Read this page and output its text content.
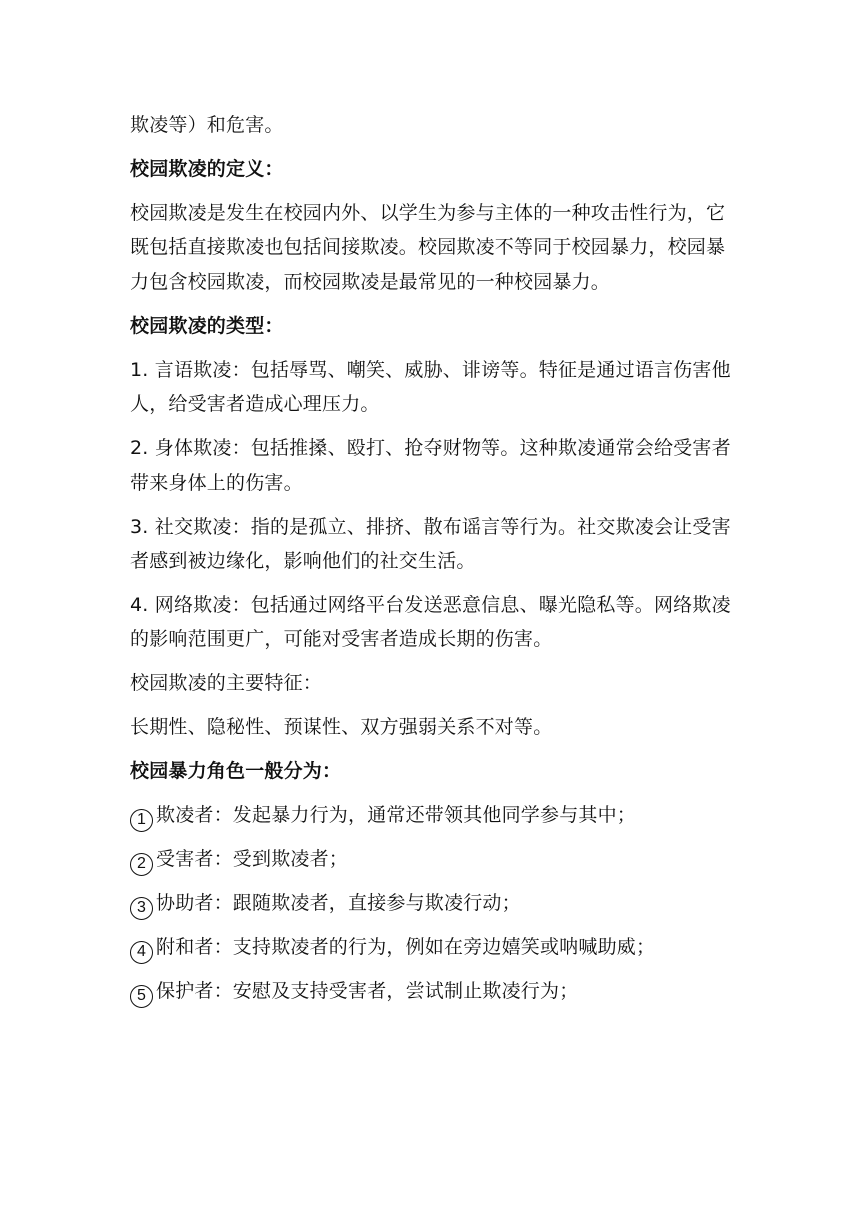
欺凌等）和危害。

校园欺凌的定义：

校园欺凌是发生在校园内外、以学生为参与主体的一种攻击性行为，它既包括直接欺凌也包括间接欺凌。校园欺凌不等同于校园暴力，校园暴力包含校园欺凌，而校园欺凌是最常见的一种校园暴力。

校园欺凌的类型：

1. 言语欺凌：包括辱骂、嘲笑、威胁、诽谤等。特征是通过语言伤害他人，给受害者造成心理压力。

2. 身体欺凌：包括推搡、殴打、抢夺财物等。这种欺凌通常会给受害者带来身体上的伤害。

3. 社交欺凌：指的是孤立、排挤、散布谣言等行为。社交欺凌会让受害者感到被边缘化，影响他们的社交生活。

4. 网络欺凌：包括通过网络平台发送恶意信息、曝光隐私等。网络欺凌的影响范围更广，可能对受害者造成长期的伤害。

校园欺凌的主要特征：

长期性、隐秘性、预谋性、双方强弱关系不对等。

校园暴力角色一般分为：

1 欺凌者：发起暴力行为，通常还带领其他同学参与其中；

2 受害者：受到欺凌者；

3 协助者：跟随欺凌者，直接参与欺凌行动；

4 附和者：支持欺凌者的行为，例如在旁边嬉笑或呐喊助威；

5 保护者：安慰及支持受害者，尝试制止欺凌行为；
